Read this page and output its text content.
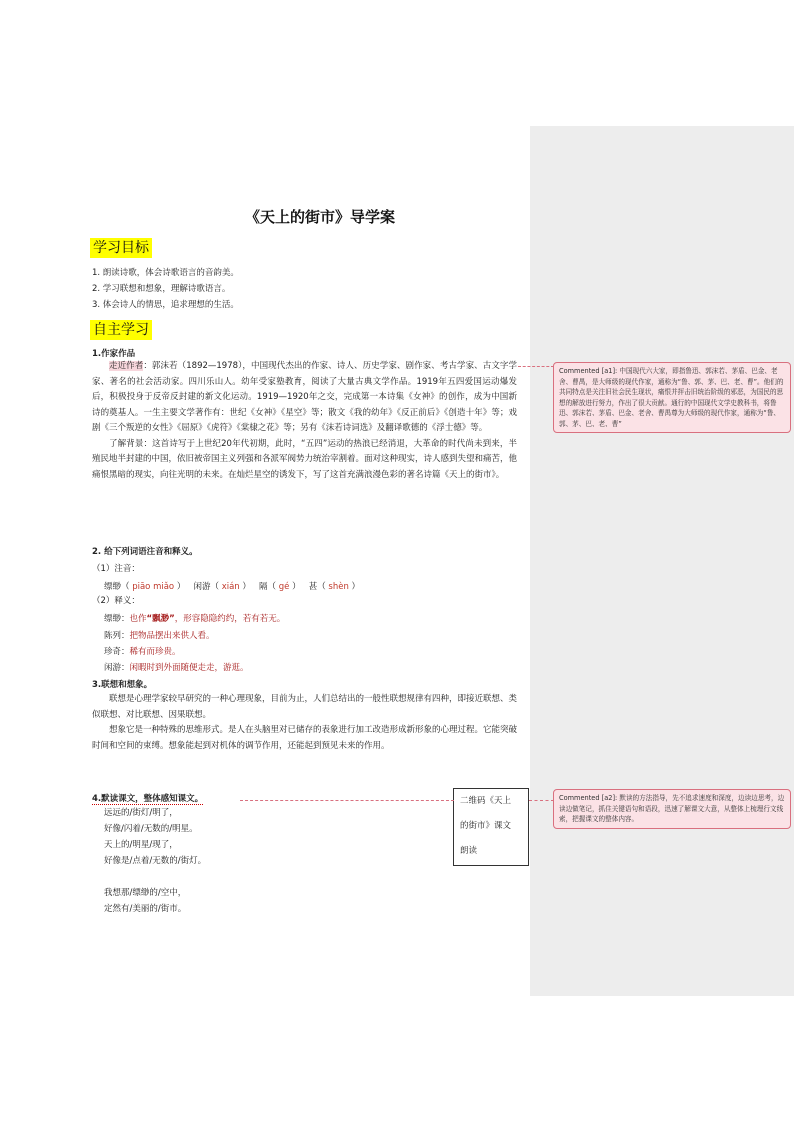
《天上的街市》导学案
学习目标
1. 朗读诗歌，体会诗歌语言的音韵美。
2. 学习联想和想象，理解诗歌语言。
3. 体会诗人的情思，追求理想的生活。
自主学习
1.作家作品

走近作者：郭沫若（1892—1978），中国现代杰出的作家、诗人、历史学家、剧作家、考古学家、古文字学家、著名的社会活动家。四川乐山人。幼年受家塾教育，阅读了大量古典文学作品。1919年五四爱国运动爆发后，积极投身于反帝反封建的新文化运动。1919—1920年之交，完成第一本诗集《女神》的创作，成为中国新诗的奠基人。一生主要文学著作有：世纪《女神》《星空》等；散文《我的幼年》《反正前后》《创造十年》等；戏剧《三个叛逆的女性》《屈原》《虎符》《棠棣之花》等；另有《沫若诗词选》及翻译歌德的《浮士德》等。

了解背景：这首诗写于上世纪20年代初期，此时，“五四”运动的热浪已经消退，大革命的时代尚未到来，半殖民地半封建的中国，依旧被帝国主义列强和各派军阀势力统治宰割着。面对这种现实，诗人感到失望和痛苦，他痛恨黑暗的现实，向往光明的未来。在灿烂星空的诱发下，写了这首充满浪漫色彩的著名诗篇《天上的街市》。

2. 给下列词语注音和释义。
（1）注音：
缥缈（ piāo miǎo ） 闲游（ xián ） 隔（ gé ） 甚（ shèn ）
（2）释义：
缥缈：也作“飘渺”，形容隐隐约约，若有若无。
陈列：把物品摆出来供人看。
珍奇：稀有而珍贵。
闲游：闲暇时到外面随便走走，游逛。
3.联想和想象。

联想是心理学家较早研究的一种心理现象，目前为止，人们总结出的一般性联想规律有四种，即接近联想、类似联想、对比联想、因果联想。

想象它是一种特殊的思维形式。是人在头脑里对已储存的表象进行加工改造形成新形象的心理过程。它能突破时间和空间的束缚。想象能起到对机体的调节作用，还能起到预见未来的作用。

4.默读课文，整体感知课文。
远远的/街灯/明了，
好像/闪着/无数的/明星。
天上的/明星/现了，
好像是/点着/无数的/街灯。
我想那/缥缈的/空中，
定然有/美丽的/街市。
二维码《天上
的街市》课文
朗读
Commented [a1]: 中国现代六大家，即指鲁迅、郭沫若、茅盾、巴金、老舍、曹禺，是大师级的现代作家，通称为“鲁、郭、茅、巴、老、曹”。他们的共同特点是关注旧社会民生现状，痛恨并抨击旧统治阶级的邪恶，为国民的思想的解放进行努力，作出了很大贡献。通行的中国现代文学史教科书，将鲁迅、郭沫若、茅盾、巴金、老舍、曹禺尊为大师级的现代作家，通称为“鲁、郭、茅、巴、老、曹”
Commented [a2]: 默读的方法指导，先不追求速度和深度，边读边思考，边读边做笔记，抓住关键语句和语段，迅速了解课文大意，从整体上梳理行文线索，把握课文的整体内容。
